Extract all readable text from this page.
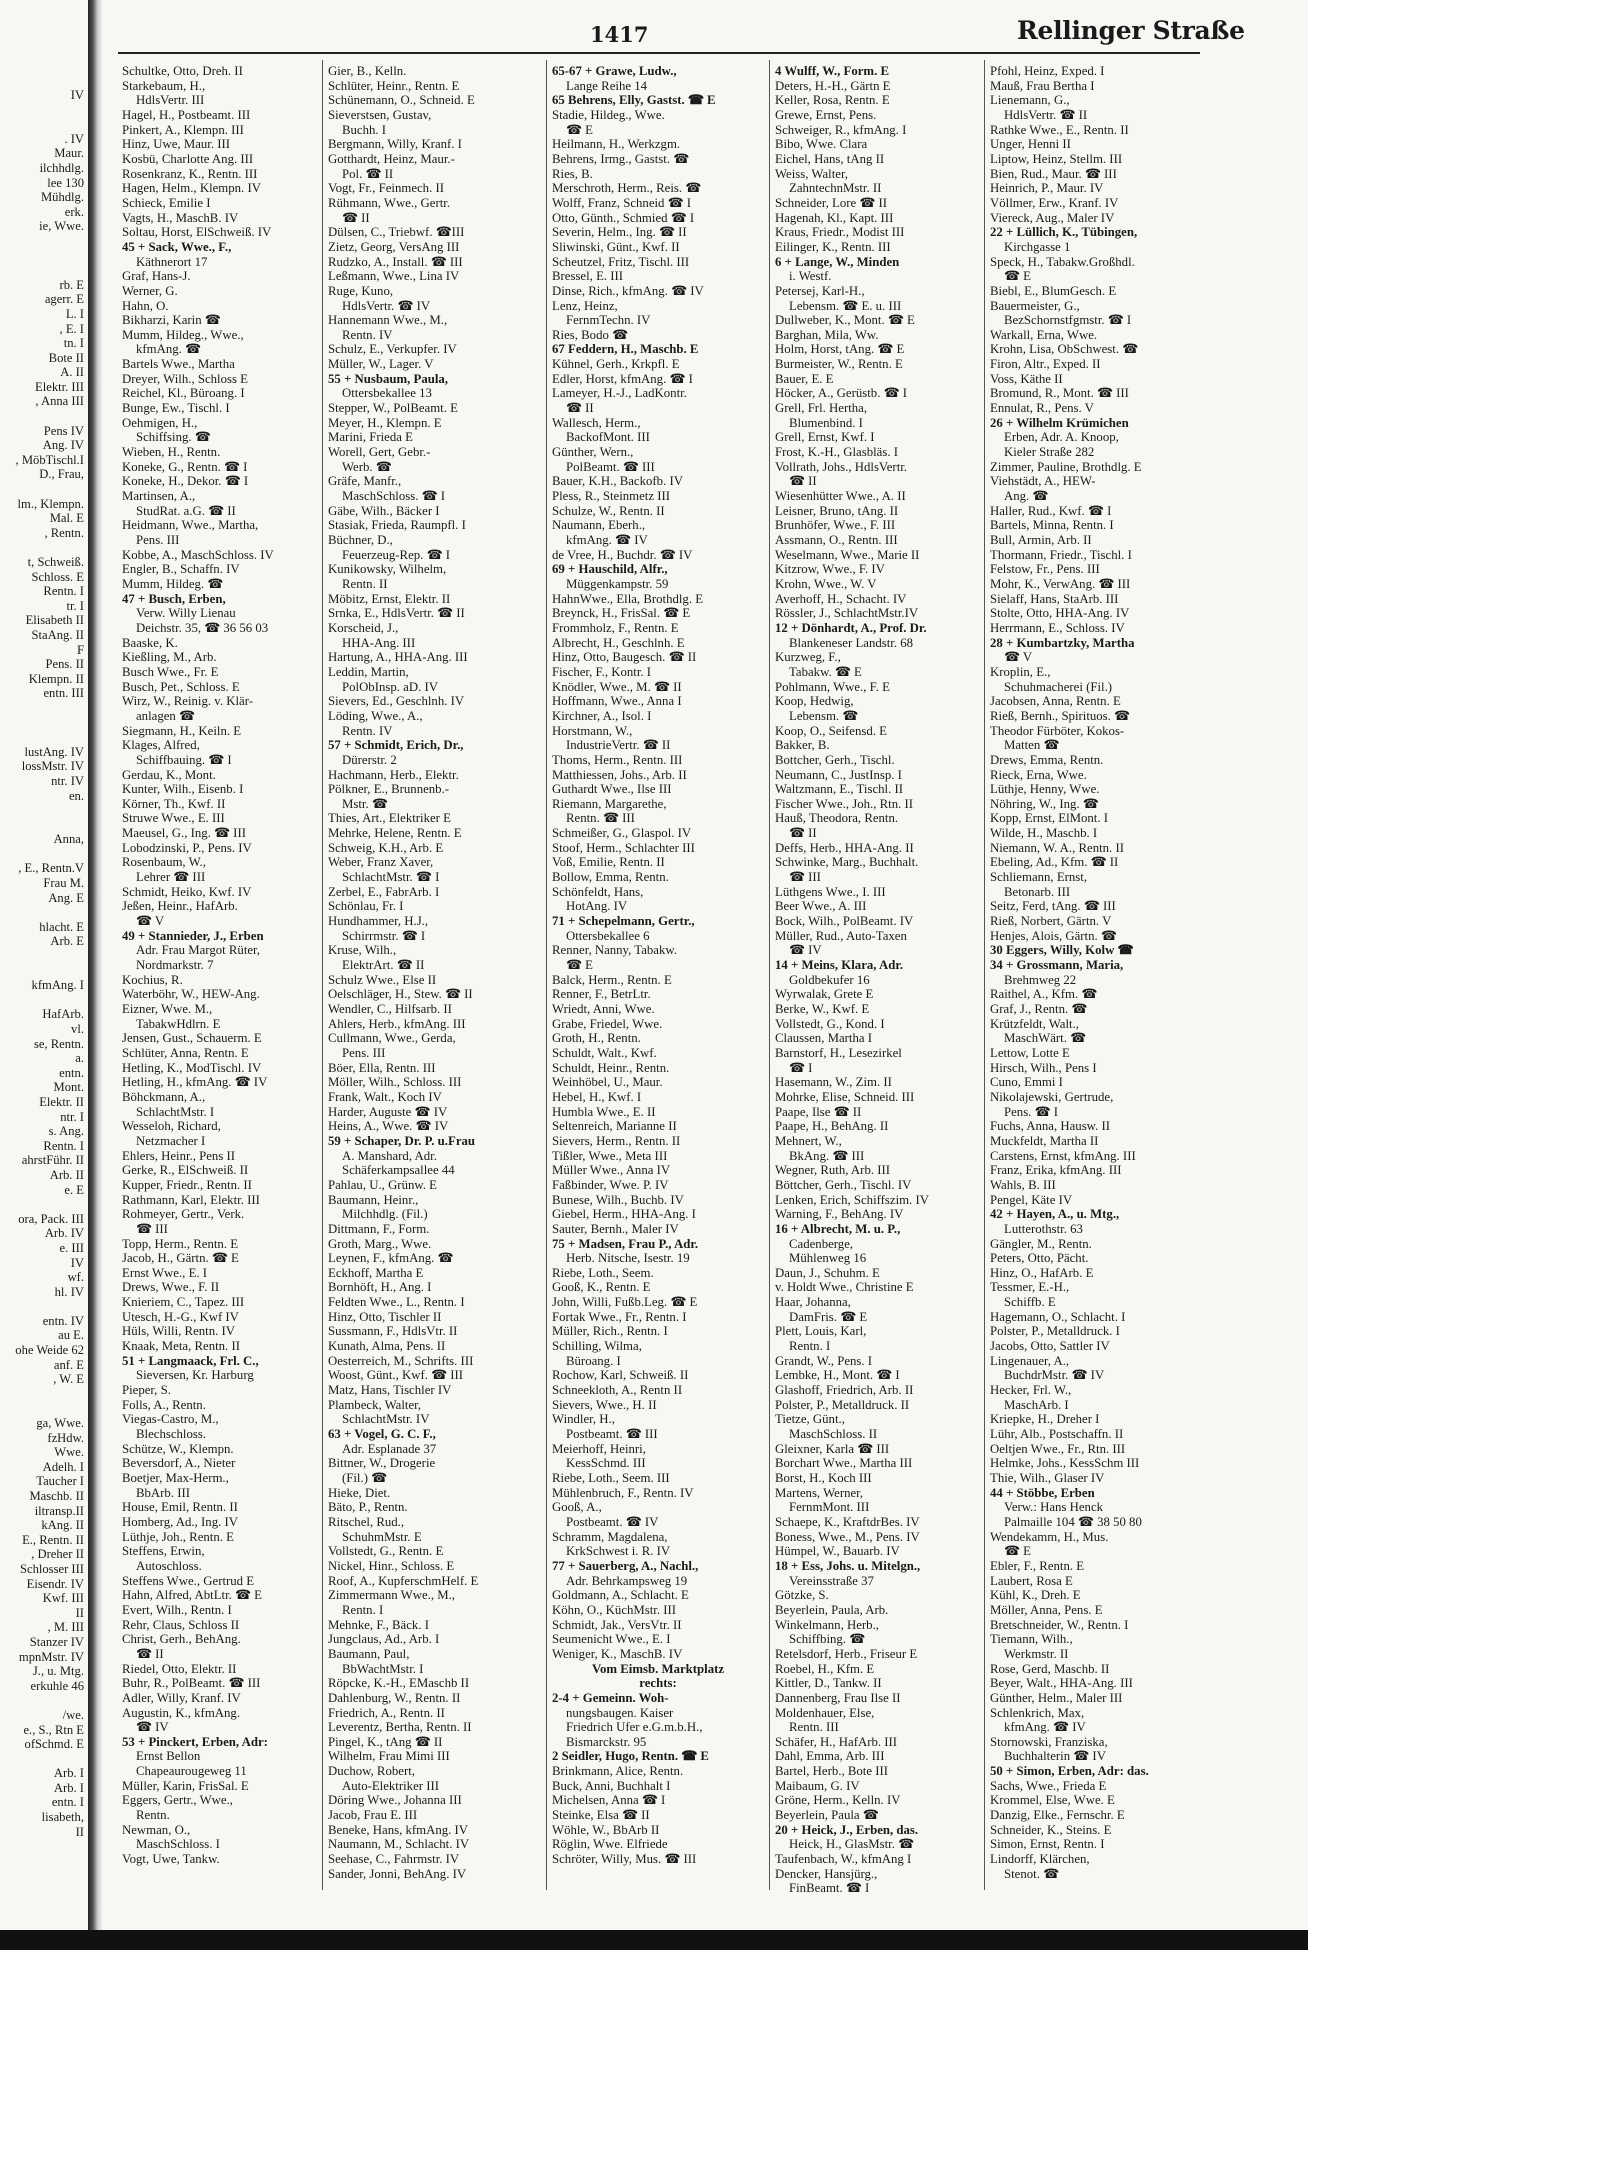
IV

. IV
Maur.
ilchhdlg.
lee 130
Mühdlg.
erk.
ie, Wwe.

rb. E
agerr. E
L. I
, E. I
tn. I
Bote II
A. II
Elektr. III
, Anna III

Pens IV
Ang. IV
, MöbTischl.I
D., Frau,

lm., Klempn.
Mal. E
, Rentn.

t, Schweiß.
Schloss. E
Rentn. I
tr. I
Elisabeth II
StaAng. II
F
Pens. II
Klempn. II
entn. III

lustAng. IV
lossMstr. IV
ntr. IV
en.

Anna,

, E., Rentn.V
Frau M.
Ang. E

hlacht. E
Arb. E

kfmAng. I

HafArb.
vl.
se, Rentn.
a.
entn.
Mont.
Elektr. II
ntr. I
s. Ang.
Rentn. I
ahrstFühr. II
Arb. II
e. E

ora, Pack. III
Arb. IV
e. III
IV
wf.
hl. IV

entn. IV
au E.
ohe Weide 62
anf. E
, W. E

ga, Wwe.
fzHdw.
Wwe.
Adelh. I
Taucher I
Maschb. II
iltransp.II
kAng. II
E., Rentn. II
, Dreher II
Schlosser III
Eisendr. IV
Kwf. III
II
, M. III
Stanzer IV
mpnMstr. IV
J., u. Mtg.
erkuhle 46

/we.
e., S., Rtn E
ofSchmd. E

Arb. I
Arb. I
entn. I
lisabeth,
II
1417	Rellinger Straße
Schultke, Otto, Dreh. II
Starkebaum, H.,
HdlsVertr. III
Hagel, H., Postbeamt. III
Pinkert, A., Klempn. III
Hinz, Uwe, Maur. III
Kosbü, Charlotte Ang. III
Rosenkranz, K., Rentn. III
Hagen, Helm., Klempn. IV
Schieck, Emilie I
Vagts, H., MaschB. IV
Soltau, Horst, ElSchweiß. IV
45 + Sack, Wwe., F.,
Käthnerort 17
Graf, Hans-J.
Werner, G.
Hahn, O.
Bikharzi, Karin ☎
Mumm, Hildeg., Wwe.,
kfmAng. ☎
Bartels Wwe., Martha
Dreyer, Wilh., Schloss E
Reichel, Kl., Büroang. I
Bunge, Ew., Tischl. I
Oehmigen, H.,
Schiffsing. ☎
Wieben, H., Rentn.
Koneke, G., Rentn. ☎ I
Koneke, H., Dekor. ☎ I
Martinsen, A.,
StudRat. a.G. ☎ II
Heidmann, Wwe., Martha,
Pens. III
Kobbe, A., MaschSchloss. IV
Engler, B., Schaffn. IV
Mumm, Hildeg. ☎
47 + Busch, Erben,
Verw. Willy Lienau
Deichstr. 35, ☎ 36 56 03
Baaske, K.
Kießling, M., Arb.
Busch Wwe., Fr. E
Busch, Pet., Schloss. E
Wirz, W., Reinig. v. Klär-
anlagen ☎
Siegmann, H., Keiln. E
Klages, Alfred,
Schiffbauing. ☎ I
Gerdau, K., Mont.
Kunter, Wilh., Eisenb. I
Körner, Th., Kwf. II
Struwe Wwe., E. III
Maeusel, G., Ing. ☎ III
Lobodzinski, P., Pens. IV
Rosenbaum, W.,
Lehrer ☎ III
Schmidt, Heiko, Kwf. IV
Jeßen, Heinr., HafArb.
☎ V
49 + Stannieder, J., Erben
Adr. Frau Margot Rüter,
Nordmarkstr. 7
Kochius, R.
Waterböhr, W., HEW-Ang.
Eizner, Wwe. M.,
TabakwHdlrn. E
Jensen, Gust., Schauerm. E
Schlüter, Anna, Rentn. E
Hetling, K., ModTischl. IV
Hetling, H., kfmAng. ☎ IV
Böhckmann, A.,
SchlachtMstr. I
Wesseloh, Richard,
Netzmacher I
Ehlers, Heinr., Pens II
Gerke, R., ElSchweiß. II
Kupper, Friedr., Rentn. II
Rathmann, Karl, Elektr. III
Rohmeyer, Gertr., Verk.
☎ III
Topp, Herm., Rentn. E
Jacob, H., Gärtn. ☎ E
Ernst Wwe., E. I
Drews, Wwe., F. II
Knieriem, C., Tapez. III
Utesch, H.-G., Kwf IV
Hüls, Willi, Rentn. IV
Knaak, Meta, Rentn. II
51 + Langmaack, Frl. C.,
Sieversen, Kr. Harburg
Pieper, S.
Folls, A., Rentn.
Viegas-Castro, M.,
Blechschloss.
Schütze, W., Klempn.
Beversdorf, A., Nieter
Boetjer, Max-Herm.,
BbArb. III
House, Emil, Rentn. II
Homberg, Ad., Ing. IV
Lüthje, Joh., Rentn. E
Steffens, Erwin,
Autoschloss.
Steffens Wwe., Gertrud E
Hahn, Alfred, AbtLtr. ☎ E
Evert, Wilh., Rentn. I
Rehr, Claus, Schloss II
Christ, Gerh., BehAng.
☎ II
Riedel, Otto, Elektr. II
Buhr, R., PolBeamt. ☎ III
Adler, Willy, Kranf. IV
Augustin, K., kfmAng.
☎ IV
53 + Pinckert, Erben, Adr:
Ernst Bellon
Chapeaurougeweg 11
Müller, Karin, FrisSal. E
Eggers, Gertr., Wwe.,
Rentn.
Newman, O.,
MaschSchloss. I
Vogt, Uwe, Tankw.
Gier, B., Kelln.
Schlüter, Heinr., Rentn. E
Schünemann, O., Schneid. E
Sieverstsen, Gustav,
Buchh. I
Bergmann, Willy, Kranf. I
Gotthardt, Heinz, Maur.-
Pol. ☎ II
Vogt, Fr., Feinmech. II
Rühmann, Wwe., Gertr.
☎ II
Dülsen, C., Triebwf. ☎III
Zietz, Georg, VersAng III
Rudzko, A., Install. ☎ III
Leßmann, Wwe., Lina IV
Ruge, Kuno,
HdlsVertr. ☎ IV
Hannemann Wwe., M.,
Rentn. IV
Schulz, E., Verkupfer. IV
Müller, W., Lager. V
55 + Nusbaum, Paula,
Ottersbekallee 13
Stepper, W., PolBeamt. E
Meyer, H., Klempn. E
Marini, Frieda E
Worell, Gert, Gebr.-
Werb. ☎
Gräfe, Manfr.,
MaschSchloss. ☎ I
Gäbe, Wilh., Bäcker I
Stasiak, Frieda, Raumpfl. I
Büchner, D.,
Feuerzeug-Rep. ☎ I
Kunikowsky, Wilhelm,
Rentn. II
Möbitz, Ernst, Elektr. II
Srnka, E., HdlsVertr. ☎ II
Korscheid, J.,
HHA-Ang. III
Hartung, A., HHA-Ang. III
Leddin, Martin,
PolObInsp. aD. IV
Sievers, Ed., Geschlnh. IV
Löding, Wwe., A.,
Rentn. IV
57 + Schmidt, Erich, Dr.,
Dürerstr. 2
Hachmann, Herb., Elektr.
Pölkner, E., Brunnenb.-
Mstr. ☎
Thies, Art., Elektriker E
Mehrke, Helene, Rentn. E
Schweig, K.H., Arb. E
Weber, Franz Xaver,
SchlachtMstr. ☎ I
Zerbel, E., FabrArb. I
Schönlau, Fr. I
Hundhammer, H.J.,
Schirrmstr. ☎ I
Kruse, Wilh.,
ElektrArt. ☎ II
Schulz Wwe., Else II
Oelschläger, H., Stew. ☎ II
Wendler, C., Hilfsarb. II
Ahlers, Herb., kfmAng. III
Cullmann, Wwe., Gerda,
Pens. III
Böer, Ella, Rentn. III
Möller, Wilh., Schloss. III
Frank, Walt., Koch IV
Harder, Auguste ☎ IV
Heins, A., Wwe. ☎ IV
59 + Schaper, Dr. P. u.Frau
A. Manshard, Adr.
Schäferkampsallee 44
Pahlau, U., Grünw. E
Baumann, Heinr.,
Milchhdlg. (Fil.)
Dittmann, F., Form.
Groth, Marg., Wwe.
Leynen, F., kfmAng. ☎
Eckhoff, Martha E
Bornhöft, H., Ang. I
Feldten Wwe., L., Rentn. I
Hinz, Otto, Tischler II
Sussmann, F., HdlsVtr. II
Kunath, Alma, Pens. II
Oesterreich, M., Schrifts. III
Woost, Günt., Kwf. ☎ III
Matz, Hans, Tischler IV
Plambeck, Walter,
SchlachtMstr. IV
63 + Vogel, G. C. F.,
Adr. Esplanade 37
Bittner, W., Drogerie
(Fil.) ☎
Hieke, Diet.
Bäto, P., Rentn.
Ritschel, Rud.,
SchuhmMstr. E
Vollstedt, G., Rentn. E
Nickel, Hinr., Schloss. E
Roof, A., KupferschmHelf. E
Zimmermann Wwe., M.,
Rentn. I
Mehnke, F., Bäck. I
Jungclaus, Ad., Arb. I
Baumann, Paul,
BbWachtMstr. I
Röpcke, K.-H., EMaschb II
Dahlenburg, W., Rentn. II
Friedrich, A., Rentn. II
Leverentz, Bertha, Rentn. II
Pingel, K., tAng ☎ II
Wilhelm, Frau Mimi III
Duchow, Robert,
Auto-Elektriker III
Döring Wwe., Johanna III
Jacob, Frau E. III
Beneke, Hans, kfmAng. IV
Naumann, M., Schlacht. IV
Seehase, C., Fahrmstr. IV
Sander, Jonni, BehAng. IV
65-67 + Grawe, Ludw.,
Lange Reihe 14
65 Behrens, Elly, Gastst. ☎ E
Stadie, Hildeg., Wwe.
☎ E
Heilmann, H., Werkzgm.
Behrens, Irmg., Gastst. ☎
Ries, B.
Merschroth, Herm., Reis. ☎
Wolff, Franz, Schneid ☎ I
Otto, Günth., Schmied ☎ I
Severin, Helm., Ing. ☎ II
Sliwinski, Günt., Kwf. II
Scheutzel, Fritz, Tischl. III
Bressel, E. III
Dinse, Rich., kfmAng. ☎ IV
Lenz, Heinz,
FernmTechn. IV
Ries, Bodo ☎
67 Feddern, H., Maschb. E
Kühnel, Gerh., Krkpfl. E
Edler, Horst, kfmAng. ☎ I
Lameyer, H.-J., LadKontr.
☎ II
Wallesch, Herm.,
BackofMont. III
Günther, Wern.,
PolBeamt. ☎ III
Bauer, K.H., Backofb. IV
Pless, R., Steinmetz III
Schulze, W., Rentn. II
Naumann, Eberh.,
kfmAng. ☎ IV
de Vree, H., Buchdr. ☎ IV
69 + Hauschild, Alfr.,
Müggenkampstr. 59
HahnWwe., Ella, Brothdlg. E
Breynck, H., FrisSal. ☎ E
Frommholz, F., Rentn. E
Albrecht, H., Geschlnh. E
Hinz, Otto, Baugesch. ☎ II
Fischer, F., Kontr. I
Knödler, Wwe., M. ☎ II
Hoffmann, Wwe., Anna I
Kirchner, A., Isol. I
Horstmann, W.,
IndustrieVertr. ☎ II
Thoms, Herm., Rentn. III
Matthiessen, Johs., Arb. II
Guthardt Wwe., Ilse III
Riemann, Margarethe,
Rentn. ☎ III
Schmeißer, G., Glaspol. IV
Stoof, Herm., Schlachter III
Voß, Emilie, Rentn. II
Bollow, Emma, Rentn.
Schönfeldt, Hans,
HotAng. IV
71 + Schepelmann, Gertr.,
Ottersbekallee 6
Renner, Nanny, Tabakw.
☎ E
Balck, Herm., Rentn. E
Renner, F., BetrLtr.
Wriedt, Anni, Wwe.
Grabe, Friedel, Wwe.
Groth, H., Rentn.
Schuldt, Walt., Kwf.
Schuldt, Heinr., Rentn.
Weinhöbel, U., Maur.
Hebel, H., Kwf. I
Humbla Wwe., E. II
Seltenreich, Marianne II
Sievers, Herm., Rentn. II
Tißler, Wwe., Meta III
Müller Wwe., Anna IV
Faßbinder, Wwe. P. IV
Bunese, Wilh., Buchb. IV
Giebel, Herm., HHA-Ang. I
Sauter, Bernh., Maler IV
75 + Madsen, Frau P., Adr.
Herb. Nitsche, Isestr. 19
Riebe, Loth., Seem.
Gooß, K., Rentn. E
John, Willi, Fußb.Leg. ☎ E
Fortak Wwe., Fr., Rentn. I
Müller, Rich., Rentn. I
Schilling, Wilma,
Büroang. I
Rochow, Karl, Schweiß. II
Schneekloth, A., Rentn II
Sievers, Wwe., H. II
Windler, H.,
Postbeamt. ☎ III
Meierhoff, Heinri,
KessSchmd. III
Riebe, Loth., Seem. III
Mühlenbruch, F., Rentn. IV
Gooß, A.,
Postbeamt. ☎ IV
Schramm, Magdalena,
KrkSchwest i. R. IV
77 + Sauerberg, A., Nachl.,
Adr. Behrkampsweg 19
Goldmann, A., Schlacht. E
Köhn, O., KüchMstr. III
Schmidt, Jak., VersVtr. II
Seumenicht Wwe., E. I
Weniger, K., MaschB. IV
Vom Eimsb. Marktplatz
rechts:
2-4 + Gemeinn. Woh-
nungsbaugen. Kaiser
Friedrich Ufer e.G.m.b.H.,
Bismarckstr. 95
2 Seidler, Hugo, Rentn. ☎ E
Brinkmann, Alice, Rentn.
Buck, Anni, Buchhalt I
Michelsen, Anna ☎ I
Steinke, Elsa ☎ II
Wöhle, W., BbArb II
Röglin, Wwe. Elfriede
Schröter, Willy, Mus. ☎ III
4 Wulff, W., Form. E
Deters, H.-H., Gärtn E
Keller, Rosa, Rentn. E
Grewe, Ernst, Pens.
Schweiger, R., kfmAng. I
Bibo, Wwe. Clara
Eichel, Hans, tAng II
Weiss, Walter,
ZahntechnMstr. II
Schneider, Lore ☎ II
Hagenah, Kl., Kapt. III
Kraus, Friedr., Modist III
Eilinger, K., Rentn. III
6 + Lange, W., Minden
i. Westf.
Petersej, Karl-H.,
Lebensm. ☎ E. u. III
Dullweber, K., Mont. ☎ E
Barghan, Mila, Ww.
Holm, Horst, tAng. ☎ E
Burmeister, W., Rentn. E
Bauer, E. E
Höcker, A., Gerüstb. ☎ I
Grell, Frl. Hertha,
Blumenbind. I
Grell, Ernst, Kwf. I
Frost, K.-H., Glasbläs. I
Vollrath, Johs., HdlsVertr.
☎ II
Wiesenhütter Wwe., A. II
Leisner, Bruno, tAng. II
Brunhöfer, Wwe., F. III
Assmann, O., Rentn. III
Weselmann, Wwe., Marie II
Kitzrow, Wwe., F. IV
Krohn, Wwe., W. V
Averhoff, H., Schacht. IV
Rössler, J., SchlachtMstr.IV
12 + Dönhardt, A., Prof. Dr.
Blankeneser Landstr. 68
Kurzweg, F.,
Tabakw. ☎ E
Pohlmann, Wwe., F. E
Koop, Hedwig,
Lebensm. ☎
Koop, O., Seifensd. E
Bakker, B.
Bottcher, Gerh., Tischl.
Neumann, C., JustInsp. I
Waltzmann, E., Tischl. II
Fischer Wwe., Joh., Rtn. II
Hauß, Theodora, Rentn.
☎ II
Deffs, Herb., HHA-Ang. II
Schwinke, Marg., Buchhalt.
☎ III
Lüthgens Wwe., I. III
Beer Wwe., A. III
Bock, Wilh., PolBeamt. IV
Müller, Rud., Auto-Taxen
☎ IV
14 + Meins, Klara, Adr.
Goldbekufer 16
Wyrwalak, Grete E
Berke, W., Kwf. E
Vollstedt, G., Kond. I
Claussen, Martha I
Barnstorf, H., Lesezirkel
☎ I
Hasemann, W., Zim. II
Mohrke, Elise, Schneid. III
Paape, Ilse ☎ II
Paape, H., BehAng. II
Mehnert, W.,
BkAng. ☎ III
Wegner, Ruth, Arb. III
Böttcher, Gerh., Tischl. IV
Lenken, Erich, Schiffszim. IV
Warning, F., BehAng. IV
16 + Albrecht, M. u. P.,
Cadenberge,
Mühlenweg 16
Daun, J., Schuhm. E
v. Holdt Wwe., Christine E
Haar, Johanna,
DamFris. ☎ E
Plett, Louis, Karl,
Rentn. I
Grandt, W., Pens. I
Lembke, H., Mont. ☎ I
Glashoff, Friedrich, Arb. II
Polster, P., Metalldruck. II
Tietze, Günt.,
MaschSchloss. II
Gleixner, Karla ☎ III
Borchart Wwe., Martha III
Borst, H., Koch III
Martens, Werner,
FernmMont. III
Schaepe, K., KraftdrBes. IV
Boness, Wwe., M., Pens. IV
Hümpel, W., Bauarb. IV
18 + Ess, Johs. u. Mitelgn.,
Vereinsstraße 37
Götzke, S.
Beyerlein, Paula, Arb.
Winkelmann, Herb.,
Schiffbing. ☎
Retelsdorf, Herb., Friseur E
Roebel, H., Kfm. E
Kittler, D., Tankw. II
Dannenberg, Frau Ilse II
Moldenhauer, Else,
Rentn. III
Schäfer, H., HafArb. III
Dahl, Emma, Arb. III
Bartel, Herb., Bote III
Maibaum, G. IV
Gröne, Herm., Kelln. IV
Beyerlein, Paula ☎
20 + Heick, J., Erben, das.
Heick, H., GlasMstr. ☎
Taufenbach, W., kfmAng I
Dencker, Hansjürg.,
FinBeamt. ☎ I
Pfohl, Heinz, Exped. I
Mauß, Frau Bertha I
Lienemann, G.,
HdlsVertr. ☎ II
Rathke Wwe., E., Rentn. II
Unger, Henni II
Liptow, Heinz, Stellm. III
Bien, Rud., Maur. ☎ III
Heinrich, P., Maur. IV
Völlmer, Erw., Kranf. IV
Viereck, Aug., Maler IV
22 + Lüllich, K., Tübingen,
Kirchgasse 1
Speck, H., Tabakw.Großhdl.
☎ E
Biebl, E., BlumGesch. E
Bauermeister, G.,
BezSchornstfgmstr. ☎ I
Warkall, Erna, Wwe.
Krohn, Lisa, ObSchwest. ☎
Firon, Altr., Exped. II
Voss, Käthe II
Bromund, R., Mont. ☎ III
Ennulat, R., Pens. V
26 + Wilhelm Krümichen
Erben, Adr. A. Knoop,
Kieler Straße 282
Zimmer, Pauline, Brothdlg. E
Viehstädt, A., HEW-
Ang. ☎
Haller, Rud., Kwf. ☎ I
Bartels, Minna, Rentn. I
Bull, Armin, Arb. II
Thormann, Friedr., Tischl. I
Felstow, Fr., Pens. III
Mohr, K., VerwAng. ☎ III
Sielaff, Hans, StaArb. III
Stolte, Otto, HHA-Ang. IV
Herrmann, E., Schloss. IV
28 + Kumbartzky, Martha
☎ V
Kroplin, E.,
Schuhmacherei (Fil.)
Jacobsen, Anna, Rentn. E
Rieß, Bernh., Spirituos. ☎
Theodor Fürböter, Kokos-
Matten ☎
Drews, Emma, Rentn.
Rieck, Erna, Wwe.
Lüthje, Henny, Wwe.
Nöhring, W., Ing. ☎
Kopp, Ernst, ElMont. I
Wilde, H., Maschb. I
Niemann, W. A., Rentn. II
Ebeling, Ad., Kfm. ☎ II
Schliemann, Ernst,
Betonarb. III
Seitz, Ferd, tAng. ☎ III
Rieß, Norbert, Gärtn. V
Henjes, Alois, Gärtn. ☎
30 Eggers, Willy, Kolw ☎
34 + Grossmann, Maria,
Brehmweg 22
Raithel, A., Kfm. ☎
Graf, J., Rentn. ☎
Krützfeldt, Walt.,
MaschWärt. ☎
Lettow, Lotte E
Hirsch, Wilh., Pens I
Cuno, Emmi I
Nikolajewski, Gertrude,
Pens. ☎ I
Fuchs, Anna, Hausw. II
Muckfeldt, Martha II
Carstens, Ernst, kfmAng. III
Franz, Erika, kfmAng. III
Wahls, B. III
Pengel, Käte IV
42 + Hayen, A., u. Mtg.,
Lutterothstr. 63
Gängler, M., Rentn.
Peters, Otto, Pächt.
Hinz, O., HafArb. E
Tessmer, E.-H.,
Schiffb. E
Hagemann, O., Schlacht. I
Polster, P., Metalldruck. I
Jacobs, Otto, Sattler IV
Lingenauer, A.,
BuchdrMstr. ☎ IV
Hecker, Frl. W.,
MaschArb. I
Kriepke, H., Dreher I
Lühr, Alb., Postschaffn. II
Oeltjen Wwe., Fr., Rtn. III
Helmke, Johs., KessSchm III
Thie, Wilh., Glaser IV
44 + Stöbbe, Erben
Verw.: Hans Henck
Palmaille 104 ☎ 38 50 80
Wendekamm, H., Mus.
☎ E
Ebler, F., Rentn. E
Laubert, Rosa E
Kühl, K., Dreh. E
Möller, Anna, Pens. E
Bretschneider, W., Rentn. I
Tiemann, Wilh.,
Werkmstr. II
Rose, Gerd, Maschb. II
Beyer, Walt., HHA-Ang. III
Günther, Helm., Maler III
Schlenkrich, Max,
kfmAng. ☎ IV
Stornowski, Franziska,
Buchhalterin ☎ IV
50 + Simon, Erben, Adr: das.
Sachs, Wwe., Frieda E
Krommel, Else, Wwe. E
Danzig, Elke., Fernschr. E
Schneider, K., Steins. E
Simon, Ernst, Rentn. I
Lindorff, Klärchen,
Stenot. ☎
